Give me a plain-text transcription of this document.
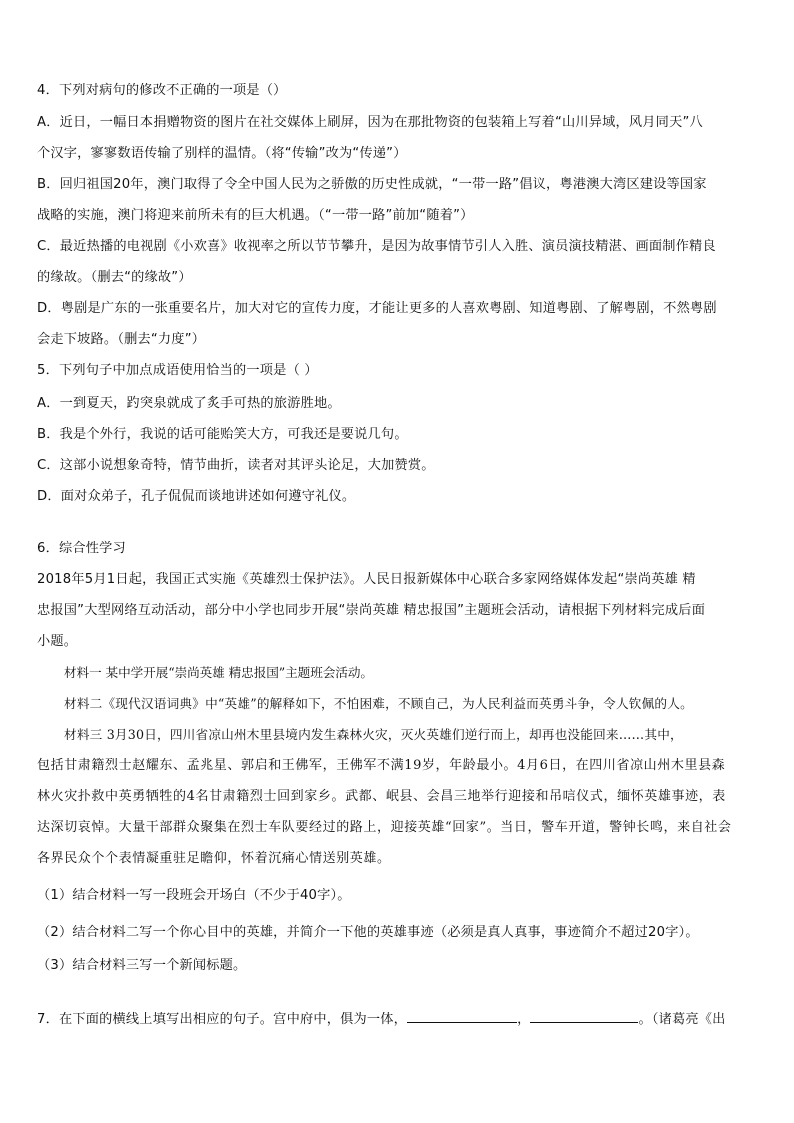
4．下列对病句的修改不正确的一项是（）
A．近日，一幅日本捐赠物资的图片在社交媒体上刷屏，因为在那批物资的包装箱上写着“山川异域，风月同天”八
个汉字，寥寥数语传输了别样的温情。（将“传输”改为“传递”）
B．回归祖国20年，澳门取得了令全中国人民为之骄傲的历史性成就，“一带一路”倡议，粤港澳大湾区建设等国家
战略的实施，澳门将迎来前所未有的巨大机遇。（“一带一路”前加“随着”）
C．最近热播的电视剧《小欢喜》收视率之所以节节攀升，是因为故事情节引人入胜、演员演技精湛、画面制作精良
的缘故。（删去“的缘故”）
D．粤剧是广东的一张重要名片，加大对它的宣传力度，才能让更多的人喜欢粤剧、知道粤剧、了解粤剧，不然粤剧
会走下坡路。（删去“力度”）
5．下列句子中加点成语使用恰当的一项是（ ）
A．一到夏天，趵突泉就成了炙手可热的旅游胜地。
B．我是个外行，我说的话可能贻笑大方，可我还是要说几句。
C．这部小说想象奇特，情节曲折，读者对其评头论足，大加赞赏。
D．面对众弟子，孔子侃侃而谈地讲述如何遵守礼仪。
6．综合性学习
2018年5月1日起，我国正式实施《英雄烈士保护法》。人民日报新媒体中心联合多家网络媒体发起“崇尚英雄 精
忠报国”大型网络互动活动，部分中小学也同步开展“崇尚英雄 精忠报国”主题班会活动，请根据下列材料完成后面
小题。
材料一 某中学开展“崇尚英雄 精忠报国”主题班会活动。
材料二《现代汉语词典》中“英雄”的解释如下，不怕困难，不顾自己，为人民利益而英勇斗争，令人钦佩的人。
材料三 3月30日，四川省凉山州木里县境内发生森林火灾，灭火英雄们逆行而上，却再也没能回来……其中，
包括甘肃籍烈士赵耀东、孟兆星、郭启和王佛军，王佛军不满19岁，年龄最小。4月6日，在四川省凉山州木里县森
林火灾扑救中英勇牺牲的4名甘肃籍烈士回到家乡。武都、岷县、会昌三地举行迎接和吊唁仪式，缅怀英雄事迹，表
达深切哀悼。大量干部群众聚集在烈士车队要经过的路上，迎接英雄“回家”。当日，警车开道，警钟长鸣，来自社会
各界民众个个表情凝重驻足瞻仰，怀着沉痛心情送别英雄。
（1）结合材料一写一段班会开场白（不少于40字）。
（2）结合材料二写一个你心目中的英雄，并简介一下他的英雄事迹（必须是真人真事，事迹简介不超过20字）。
（3）结合材料三写一个新闻标题。
7．在下面的横线上填写出相应的句子。宫中府中，俱为一体，	，	。（诸葛亮《出
